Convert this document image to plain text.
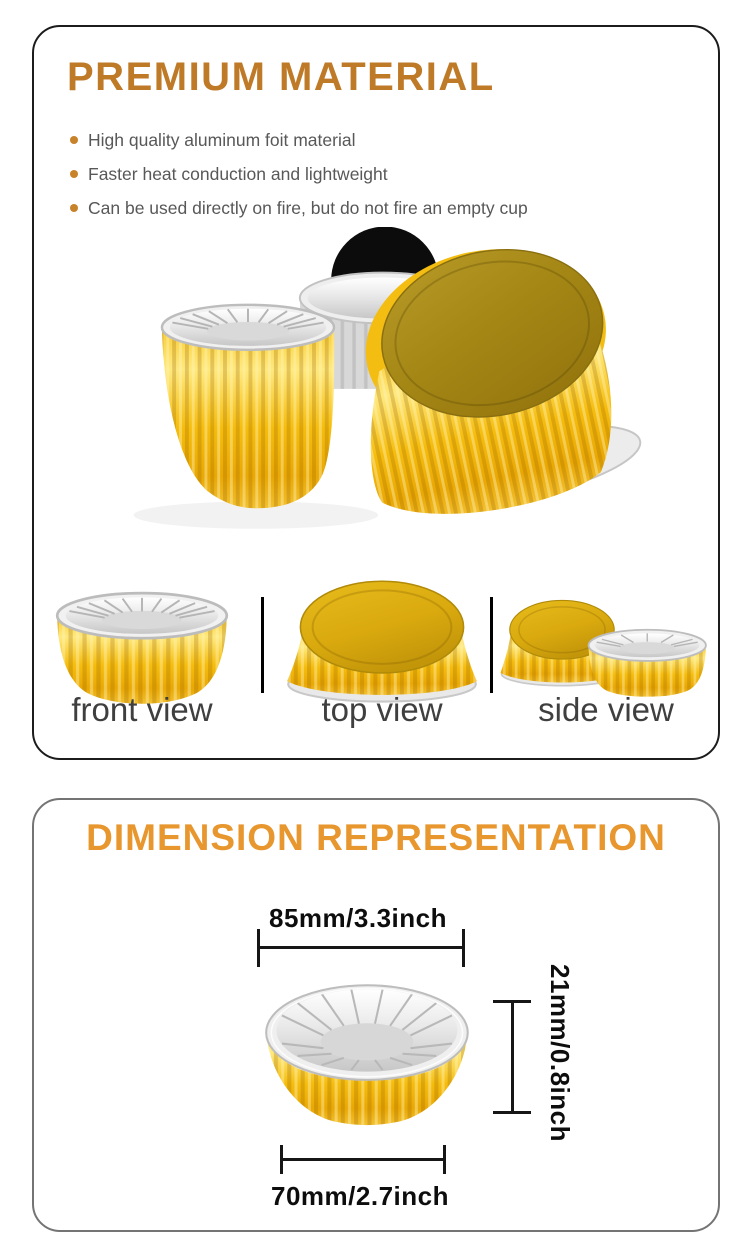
PREMIUM MATERIAL
High quality aluminum foit material
Faster heat conduction and lightweight
Can be used directly on fire, but do not fire an empty cup
front view	top view	side view
DIMENSION REPRESENTATION
85mm/3.3inch
21mm/0.8inch
70mm/2.7inch
